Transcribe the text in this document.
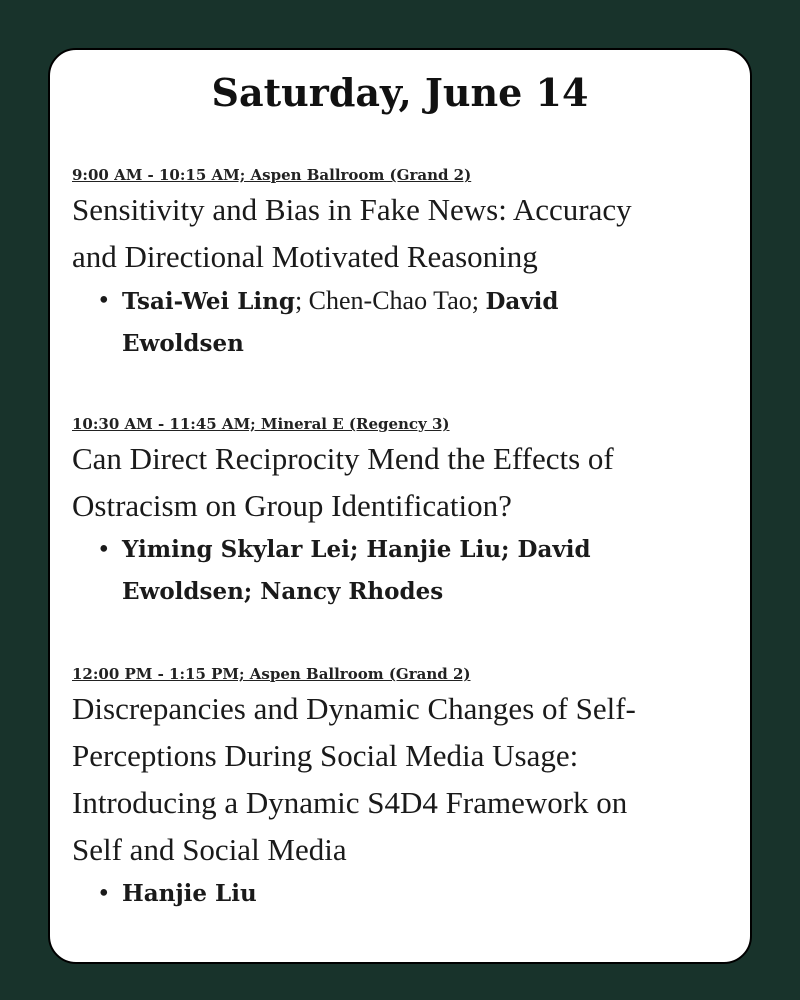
Saturday, June 14
9:00 AM - 10:15 AM; Aspen Ballroom (Grand 2)
Sensitivity and Bias in Fake News: Accuracy
and Directional Motivated Reasoning
• Tsai-Wei Ling; Chen-Chao Tao; David
Ewoldsen
10:30 AM - 11:45 AM; Mineral E (Regency 3)
Can Direct Reciprocity Mend the Effects of
Ostracism on Group Identification?
• Yiming Skylar Lei; Hanjie Liu; David
Ewoldsen; Nancy Rhodes
12:00 PM - 1:15 PM; Aspen Ballroom (Grand 2)
Discrepancies and Dynamic Changes of Self-
Perceptions During Social Media Usage:
Introducing a Dynamic S4D4 Framework on
Self and Social Media
• Hanjie Liu
